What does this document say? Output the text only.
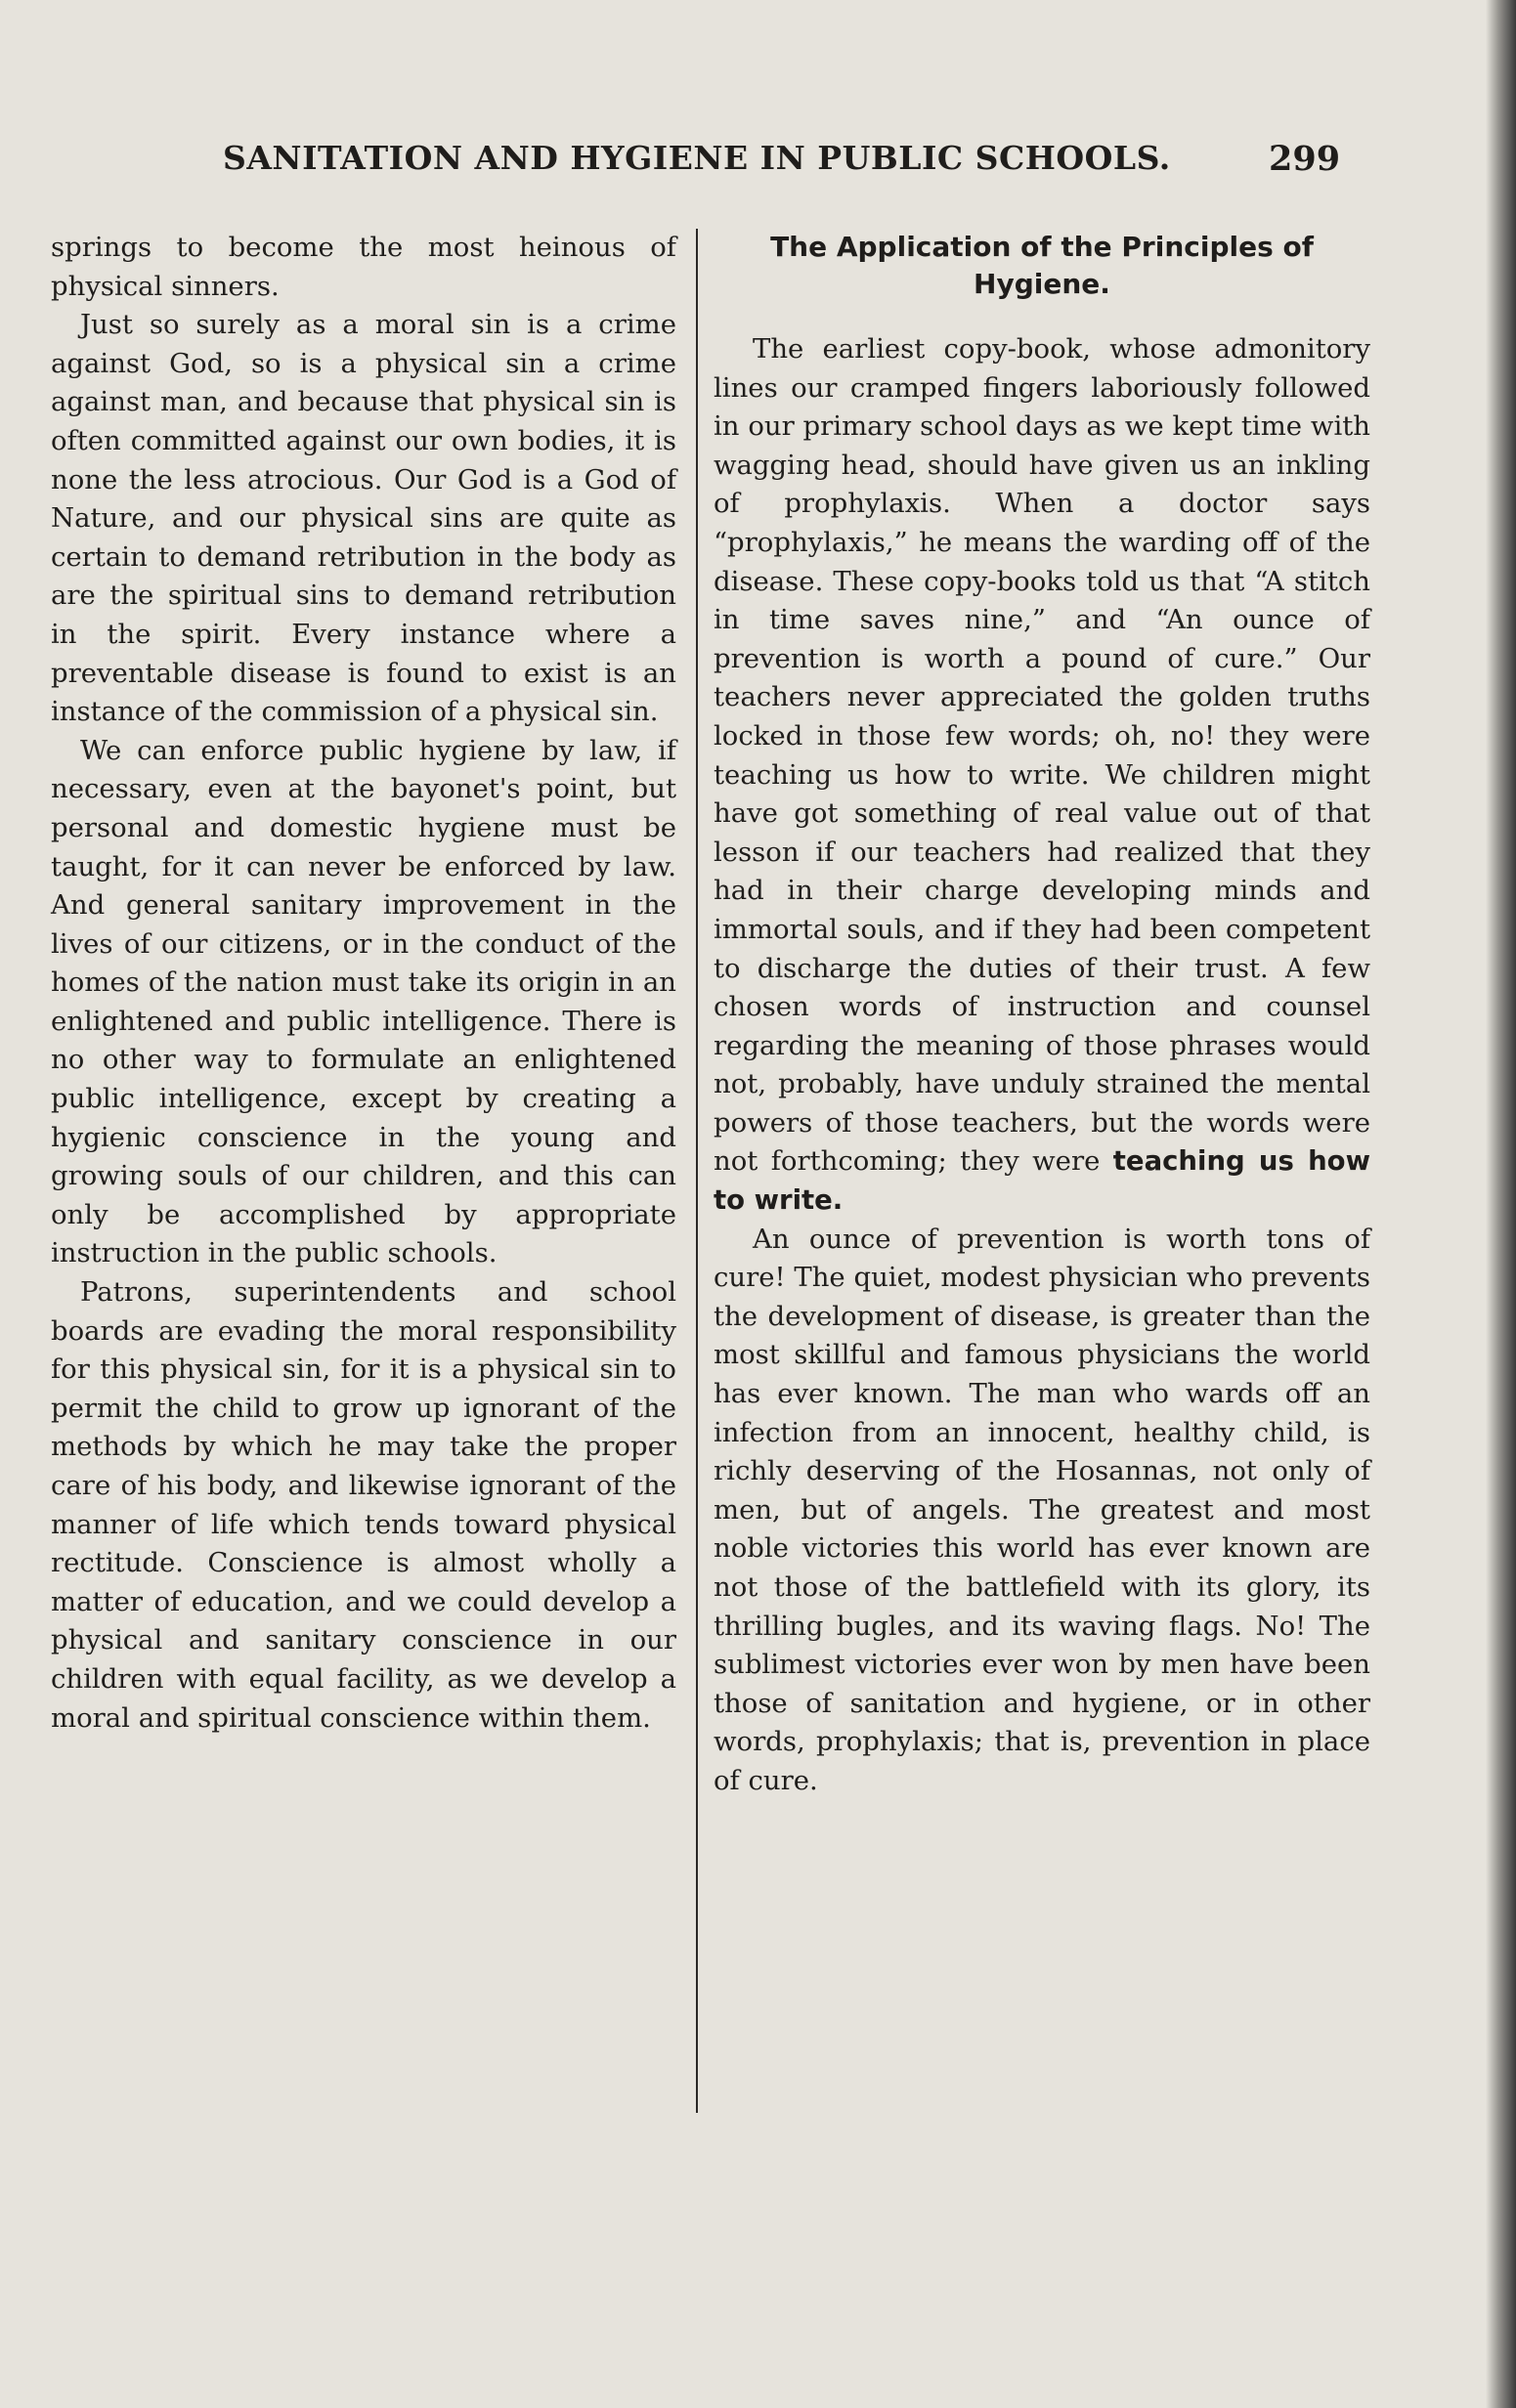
SANITATION AND HYGIENE IN PUBLIC SCHOOLS.	299

springs to become the most heinous of physical sinners.

Just so surely as a moral sin is a crime against God, so is a physical sin a crime against man, and because that physical sin is often committed against our own bodies, it is none the less atrocious. Our God is a God of Nature, and our physical sins are quite as certain to demand retribution in the body as are the spiritual sins to demand retribution in the spirit. Every instance where a preventable disease is found to exist is an instance of the commission of a physical sin.

We can enforce public hygiene by law, if necessary, even at the bayonet's point, but personal and domestic hygiene must be taught, for it can never be enforced by law. And general sanitary improvement in the lives of our citizens, or in the conduct of the homes of the nation must take its origin in an enlightened and public intelligence. There is no other way to formulate an enlightened public intelligence, except by creating a hygienic conscience in the young and growing souls of our children, and this can only be accomplished by appropriate instruction in the public schools.

Patrons, superintendents and school boards are evading the moral responsibility for this physical sin, for it is a physical sin to permit the child to grow up ignorant of the methods by which he may take the proper care of his body, and likewise ignorant of the manner of life which tends toward physical rectitude. Conscience is almost wholly a matter of education, and we could develop a physical and sanitary conscience in our children with equal facility, as we develop a moral and spiritual conscience within them.

The Application of the Principles of
Hygiene.

The earliest copy-book, whose admonitory lines our cramped fingers laboriously followed in our primary school days as we kept time with wagging head, should have given us an inkling of prophylaxis. When a doctor says “prophylaxis,” he means the warding off of the disease. These copy-books told us that “A stitch in time saves nine,” and “An ounce of prevention is worth a pound of cure.” Our teachers never appreciated the golden truths locked in those few words; oh, no! they were teaching us how to write. We children might have got something of real value out of that lesson if our teachers had realized that they had in their charge developing minds and immortal souls, and if they had been competent to discharge the duties of their trust. A few chosen words of instruction and counsel regarding the meaning of those phrases would not, probably, have unduly strained the mental powers of those teachers, but the words were not forthcoming; they were teaching us how to write.

An ounce of prevention is worth tons of cure! The quiet, modest physician who prevents the development of disease, is greater than the most skillful and famous physicians the world has ever known. The man who wards off an infection from an innocent, healthy child, is richly deserving of the Hosannas, not only of men, but of angels. The greatest and most noble victories this world has ever known are not those of the battlefield with its glory, its thrilling bugles, and its waving flags. No! The sublimest victories ever won by men have been those of sanitation and hygiene, or in other words, prophylaxis; that is, prevention in place of cure.
